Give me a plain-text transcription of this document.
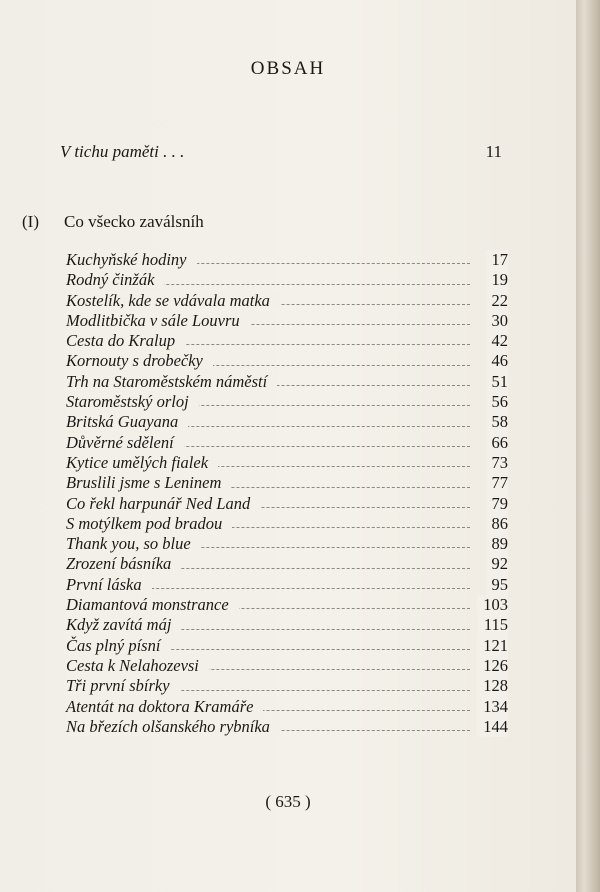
OBSAH
V tichu paměti . . .	11
(I) Co všecko zaválsníh
Kuchyňské hodiny	17
Rodný činžák	19
Kostelík, kde se vdávala matka	22
Modlitbička v sále Louvru	30
Cesta do Kralup	42
Kornouty s drobečky	46
Trh na Staroměstském náměstí	51
Staroměstský orloj	56
Britská Guayana	58
Důvěrné sdělení	66
Kytice umělých fialek	73
Bruslili jsme s Leninem	77
Co řekl harpunář Ned Land	79
S motýlkem pod bradou	86
Thank you, so blue	89
Zrození básníka	92
První láska	95
Diamantová monstrance	103
Když zavítá máj	115
Čas plný písní	121
Cesta k Nelahozevsi	126
Tři první sbírky	128
Atentát na doktora Kramáře	134
Na březích olšanského rybníka	144
( 635 )
